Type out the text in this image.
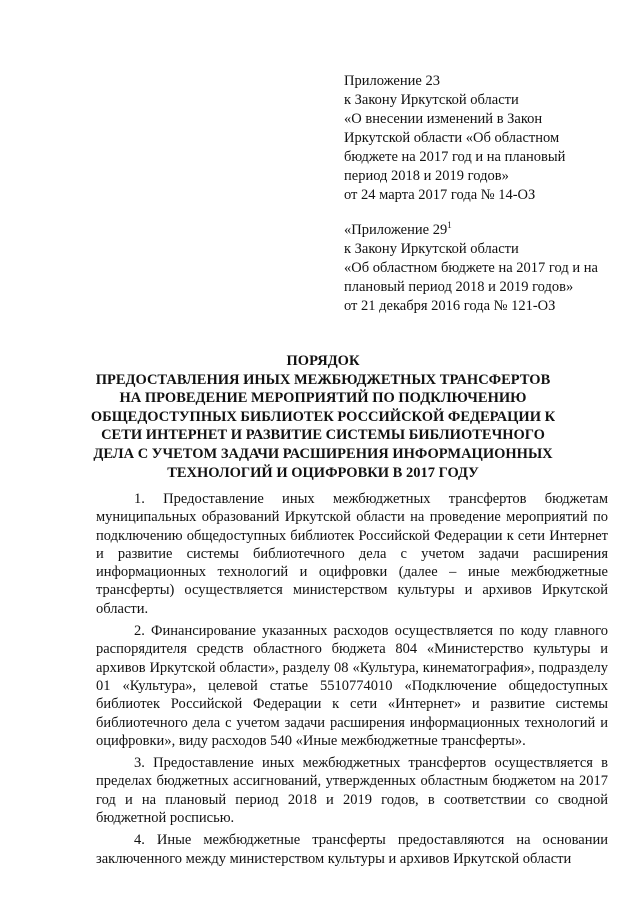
Приложение 23
к Закону Иркутской области
«О внесении изменений в Закон Иркутской области «Об областном бюджете на 2017 год и на плановый период 2018 и 2019 годов»
от 24 марта 2017 года № 14-ОЗ
«Приложение $29^1$
к Закону Иркутской области
«Об областном бюджете на 2017 год и на плановый период 2018 и 2019 годов»
от 21 декабря 2016 года № 121-ОЗ
ПОРЯДОК
ПРЕДОСТАВЛЕНИЯ ИНЫХ МЕЖБЮДЖЕТНЫХ ТРАНСФЕРТОВ НА ПРОВЕДЕНИЕ МЕРОПРИЯТИЙ ПО ПОДКЛЮЧЕНИЮ ОБЩЕДОСТУПНЫХ БИБЛИОТЕК РОССИЙСКОЙ ФЕДЕРАЦИИ К СЕТИ ИНТЕРНЕТ И РАЗВИТИЕ СИСТЕМЫ БИБЛИОТЕЧНОГО ДЕЛА С УЧЕТОМ ЗАДАЧИ РАСШИРЕНИЯ ИНФОРМАЦИОННЫХ ТЕХНОЛОГИЙ И ОЦИФРОВКИ В 2017 ГОДУ

1. Предоставление иных межбюджетных трансфертов бюджетам муниципальных образований Иркутской области на проведение мероприятий по подключению общедоступных библиотек Российской Федерации к сети Интернет и развитие системы библиотечного дела с учетом задачи расширения информационных технологий и оцифровки (далее – иные межбюджетные трансферты) осуществляется министерством культуры и архивов Иркутской области.

2. Финансирование указанных расходов осуществляется по коду главного распорядителя средств областного бюджета 804 «Министерство культуры и архивов Иркутской области», разделу 08 «Культура, кинематография», подразделу 01 «Культура», целевой статье 5510774010 «Подключение общедоступных библиотек Российской Федерации к сети «Интернет» и развитие системы библиотечного дела с учетом задачи расширения информационных технологий и оцифровки», виду расходов 540 «Иные межбюджетные трансферты».

3. Предоставление иных межбюджетных трансфертов осуществляется в пределах бюджетных ассигнований, утвержденных областным бюджетом на 2017 год и на плановый период 2018 и 2019 годов, в соответствии со сводной бюджетной росписью.

4. Иные межбюджетные трансферты предоставляются на основании заключенного между министерством культуры и архивов Иркутской области
